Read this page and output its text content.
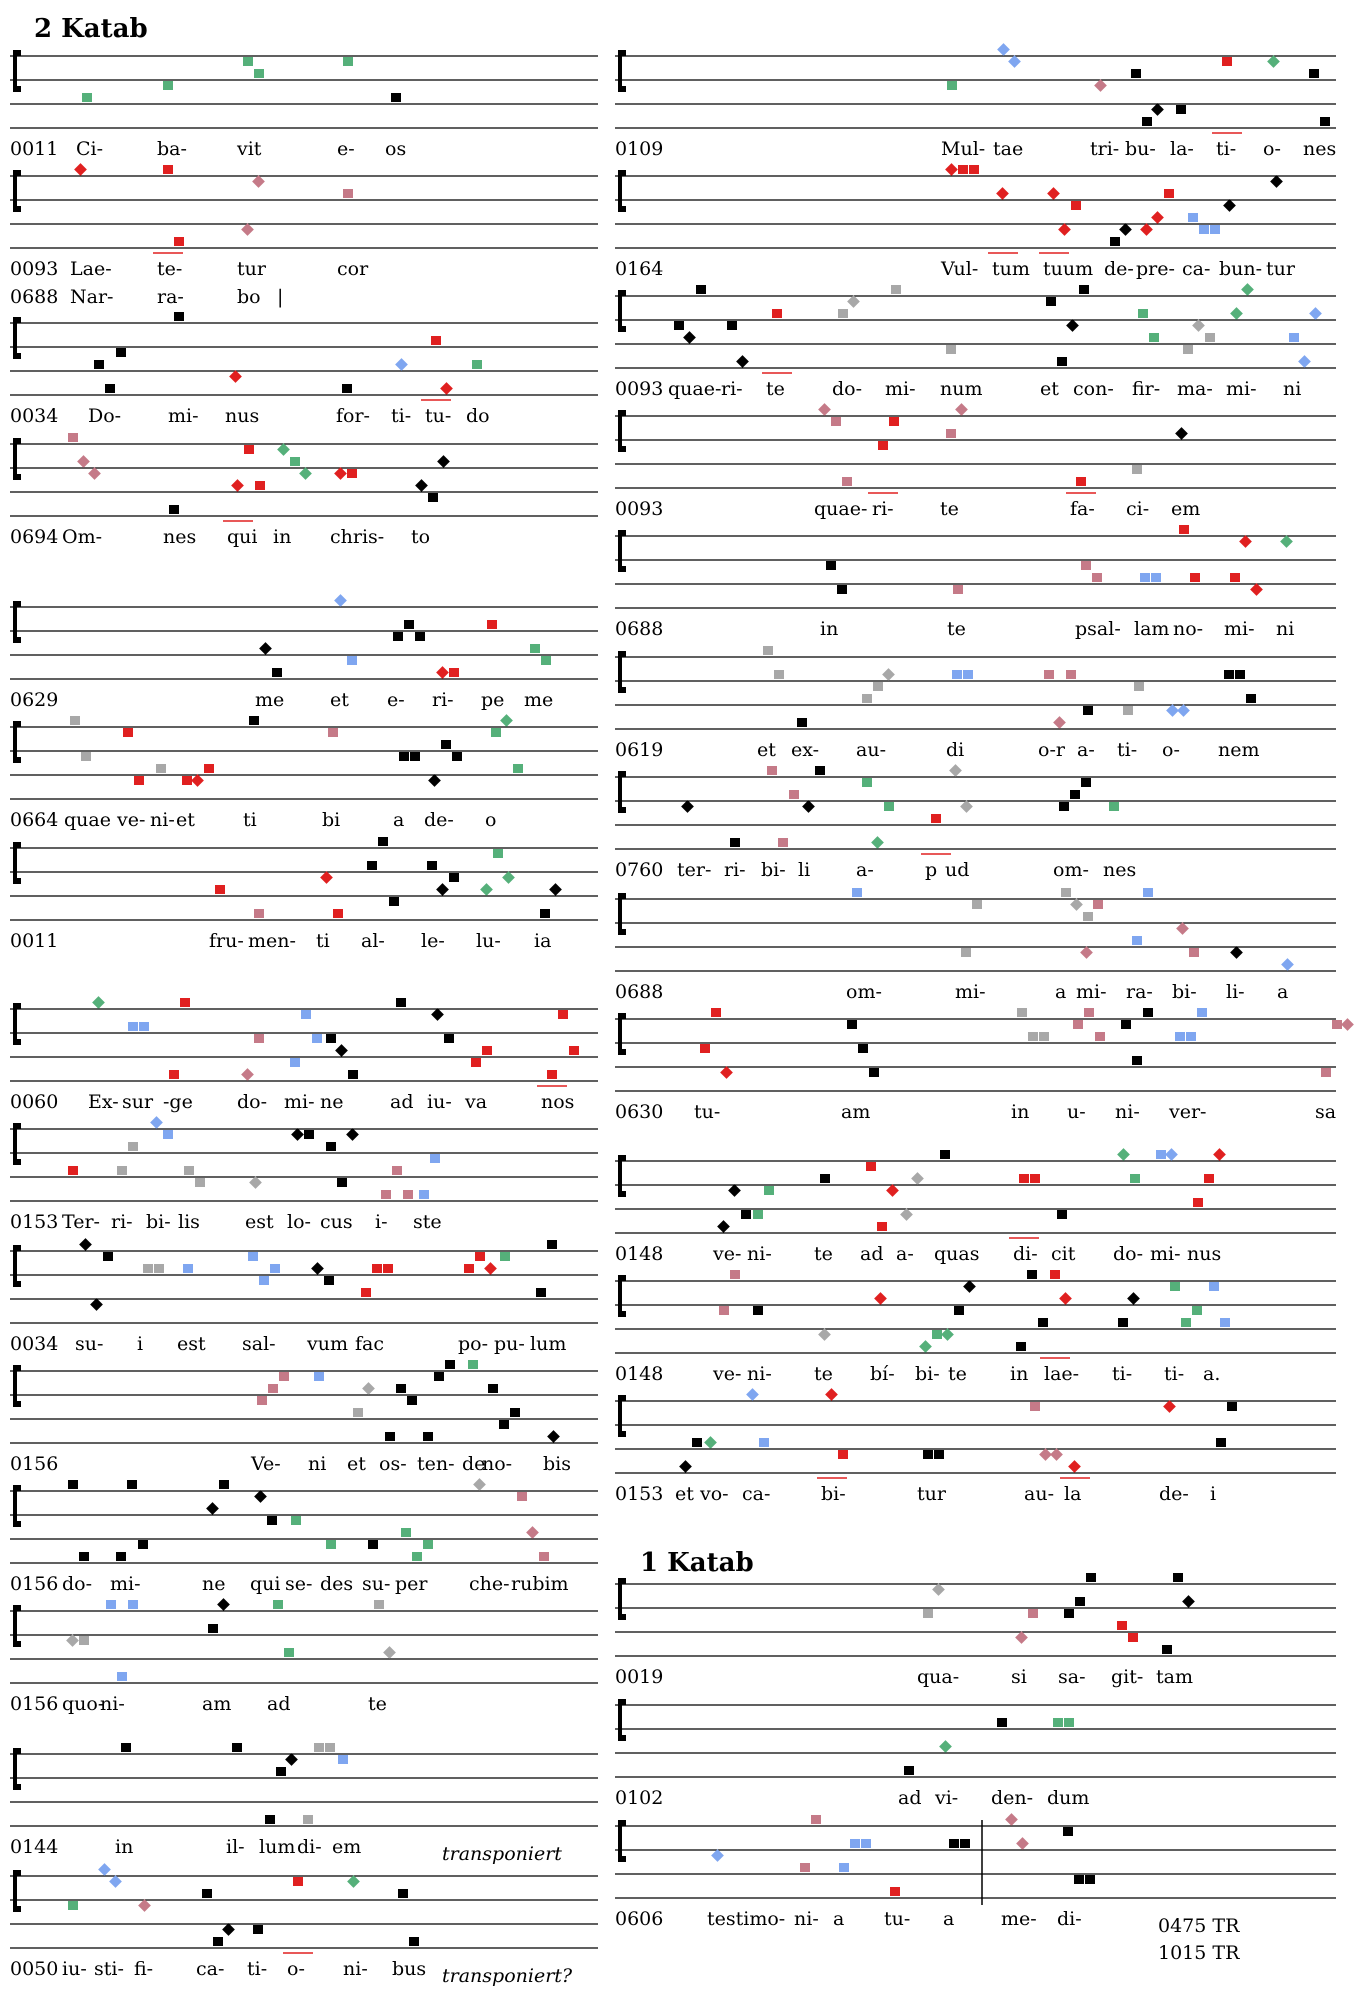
0011 Ci-	ba-	vit	e- os
0093 Lae- te-	tur	cor
0688 Nar- ra-	bo |
0034 Do- mi- nus	for- ti- tu- do
0694 Om-	nes qui in chris- to
0629	me et e- ri- pe me
0664 quae ve- ni- et	ti	bi	a de- o
0011	fru- men- ti al- le- lu- ia
0060 Ex- sur -ge do- mi- ne ad iu- va	nos
0153 Ter- ri- bi- lis est lo- cus i- ste
0034 su- i est sal- vum fac	po- pu- lum
0156	Ve- ni et os- ten- de
no- bis
0156 do- mi-	ne qui se- des su- per che- rubim
0156 quo-
ni-	am ad	te
0144	in	il- lum di- em
0050 iu- sti- fi- ca- ti- o- ni- bus
0109	Mul- tae	tri- bu- la- ti- o- nes
0164	Vul- tum tuum de- pre- ca- bun- tur
0093 quae- ri- te do- mi- num	et con- fir- ma- mi- ni
0093	quae- ri- te	fa- ci- em
0688	in	te	psal- lam no- mi- ni
0619	et ex- au-	di	o-r a- ti- o- nem
0760 ter- ri- bi- li a-	p ud	om- nes
0688	om-	mi-	a mi- ra- bi- li- a
0630 tu-	am	in u- ni- ver-	sa
0148	ve- ni- te ad a- quas di- cit do- mi- nus
0148	ve- ni- te bí- bi- te in lae- ti- ti- a.
0153 et vo- ca-	bi-	tur	au- la	de- i
0019	qua-	si sa- git- tam
0102	ad vi- den- dum
0606 testimo- ni- a tu- a me- di-
2 Katab
1 Katab
transponiert
transponiert?
0475 TR
1015 TR
